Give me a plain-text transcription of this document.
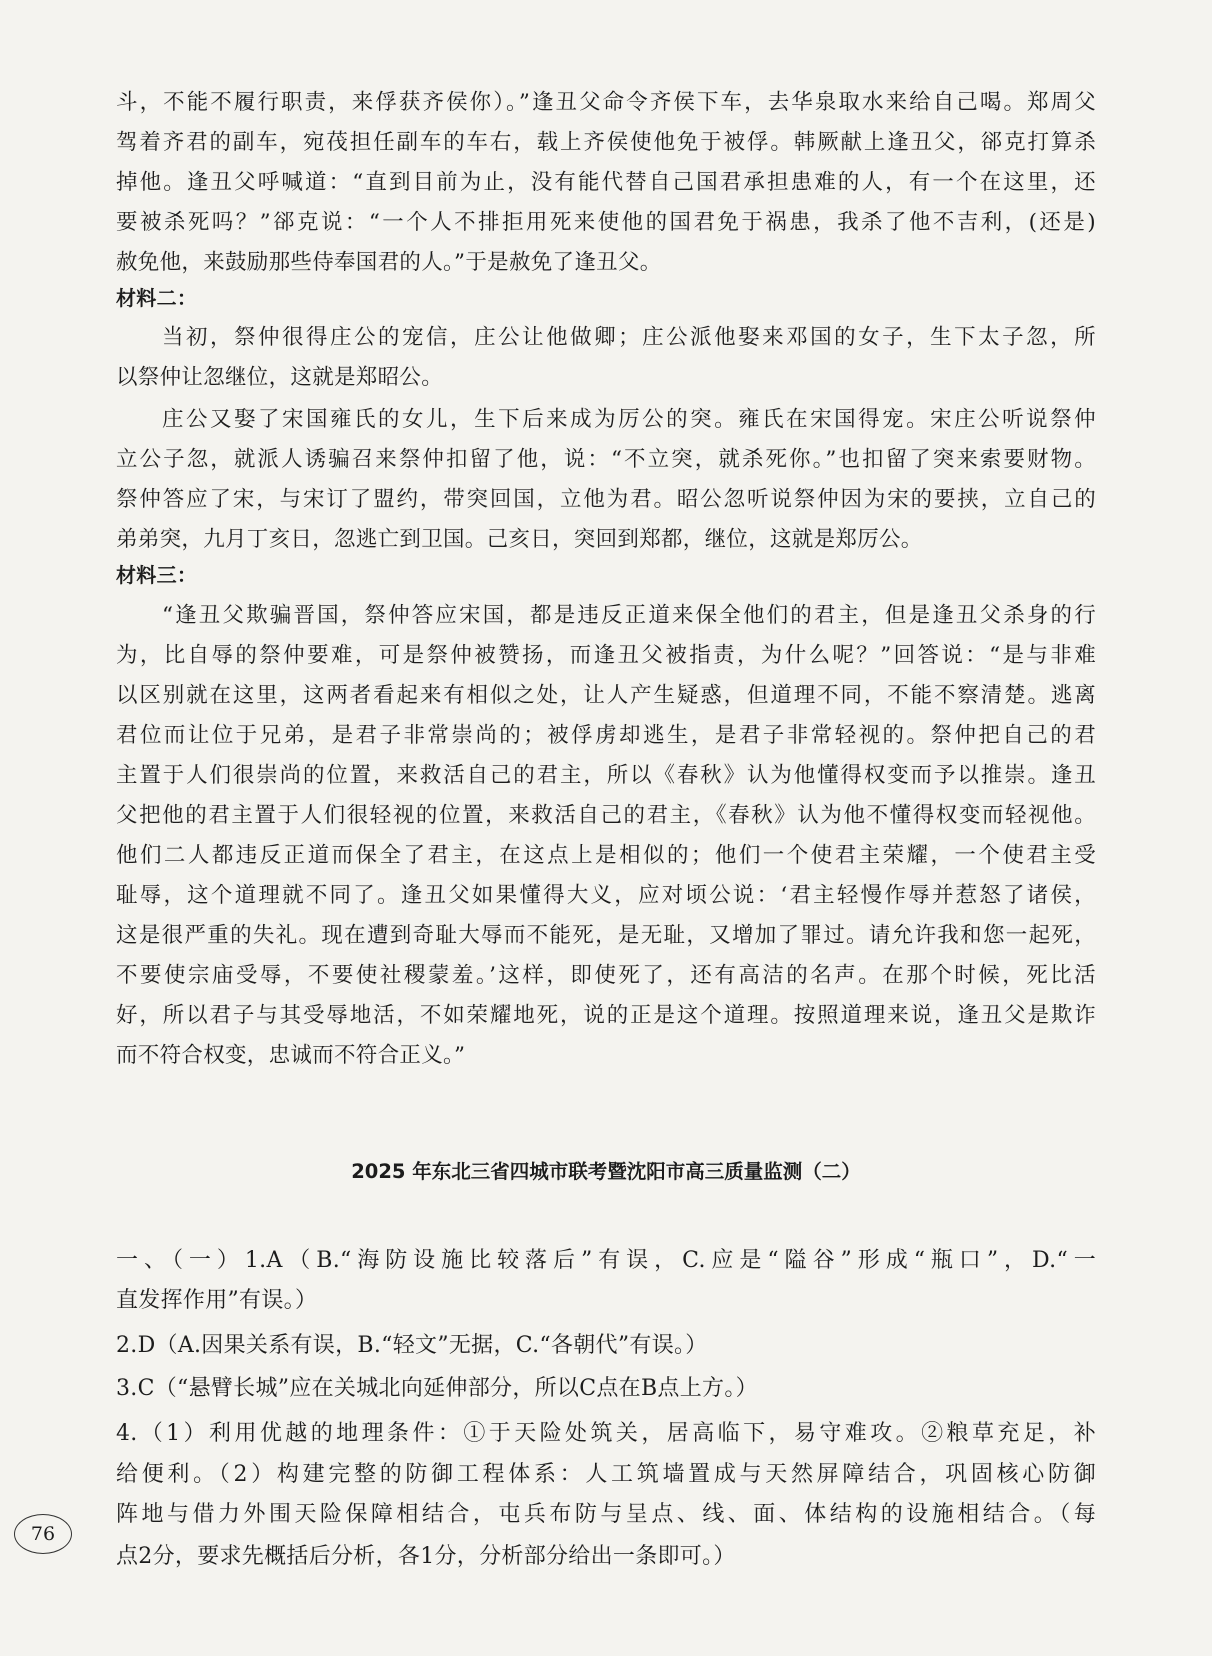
斗，不能不履行职责，来俘获齐侯你）。”逢丑父命令齐侯下车，去华泉取水来给自己喝。郑周父
驾着齐君的副车，宛茷担任副车的车右，载上齐侯使他免于被俘。韩厥献上逢丑父，郤克打算杀
掉他。逢丑父呼喊道：“直到目前为止，没有能代替自己国君承担患难的人，有一个在这里，还
要被杀死吗？”郤克说：“一个人不排拒用死来使他的国君免于祸患，我杀了他不吉利，(还是)
赦免他，来鼓励那些侍奉国君的人。”于是赦免了逢丑父。
材料二：
当初，祭仲很得庄公的宠信，庄公让他做卿；庄公派他娶来邓国的女子，生下太子忽，所
以祭仲让忽继位，这就是郑昭公。
庄公又娶了宋国雍氏的女儿，生下后来成为厉公的突。雍氏在宋国得宠。宋庄公听说祭仲
立公子忽，就派人诱骗召来祭仲扣留了他，说：“不立突，就杀死你。”也扣留了突来索要财物。
祭仲答应了宋，与宋订了盟约，带突回国，立他为君。昭公忽听说祭仲因为宋的要挟，立自己的
弟弟突，九月丁亥日，忽逃亡到卫国。己亥日，突回到郑都，继位，这就是郑厉公。
材料三：
“逢丑父欺骗晋国，祭仲答应宋国，都是违反正道来保全他们的君主，但是逢丑父杀身的行
为，比自辱的祭仲要难，可是祭仲被赞扬，而逢丑父被指责，为什么呢？”回答说：“是与非难
以区别就在这里，这两者看起来有相似之处，让人产生疑惑，但道理不同，不能不察清楚。逃离
君位而让位于兄弟，是君子非常崇尚的；被俘虏却逃生，是君子非常轻视的。祭仲把自己的君
主置于人们很崇尚的位置，来救活自己的君主，所以《春秋》认为他懂得权变而予以推崇。逢丑
父把他的君主置于人们很轻视的位置，来救活自己的君主，《春秋》认为他不懂得权变而轻视他。
他们二人都违反正道而保全了君主，在这点上是相似的；他们一个使君主荣耀，一个使君主受
耻辱，这个道理就不同了。逢丑父如果懂得大义，应对顷公说：‘君主轻慢作辱并惹怒了诸侯，
这是很严重的失礼。现在遭到奇耻大辱而不能死，是无耻，又增加了罪过。请允许我和您一起死，
不要使宗庙受辱，不要使社稷蒙羞。’这样，即使死了，还有高洁的名声。在那个时候，死比活
好，所以君子与其受辱地活，不如荣耀地死，说的正是这个道理。按照道理来说，逢丑父是欺诈
而不符合权变，忠诚而不符合正义。”
2025 年东北三省四城市联考暨沈阳市高三质量监测（二）
一、（一）1.A（B.“海防设施比较落后”有误，C.应是“隘谷”形成“瓶口”，D.“一
直发挥作用”有误。）
2.D（A.因果关系有误，B.“轻文”无据，C.“各朝代”有误。）
3.C（“悬臂长城”应在关城北向延伸部分，所以C点在B点上方。）
4.（1）利用优越的地理条件：①于天险处筑关，居高临下，易守难攻。②粮草充足，补
给便利。（2）构建完整的防御工程体系：人工筑墙置成与天然屏障结合，巩固核心防御
阵地与借力外围天险保障相结合，屯兵布防与呈点、线、面、体结构的设施相结合。（每
点2分，要求先概括后分析，各1分，分析部分给出一条即可。）
76
